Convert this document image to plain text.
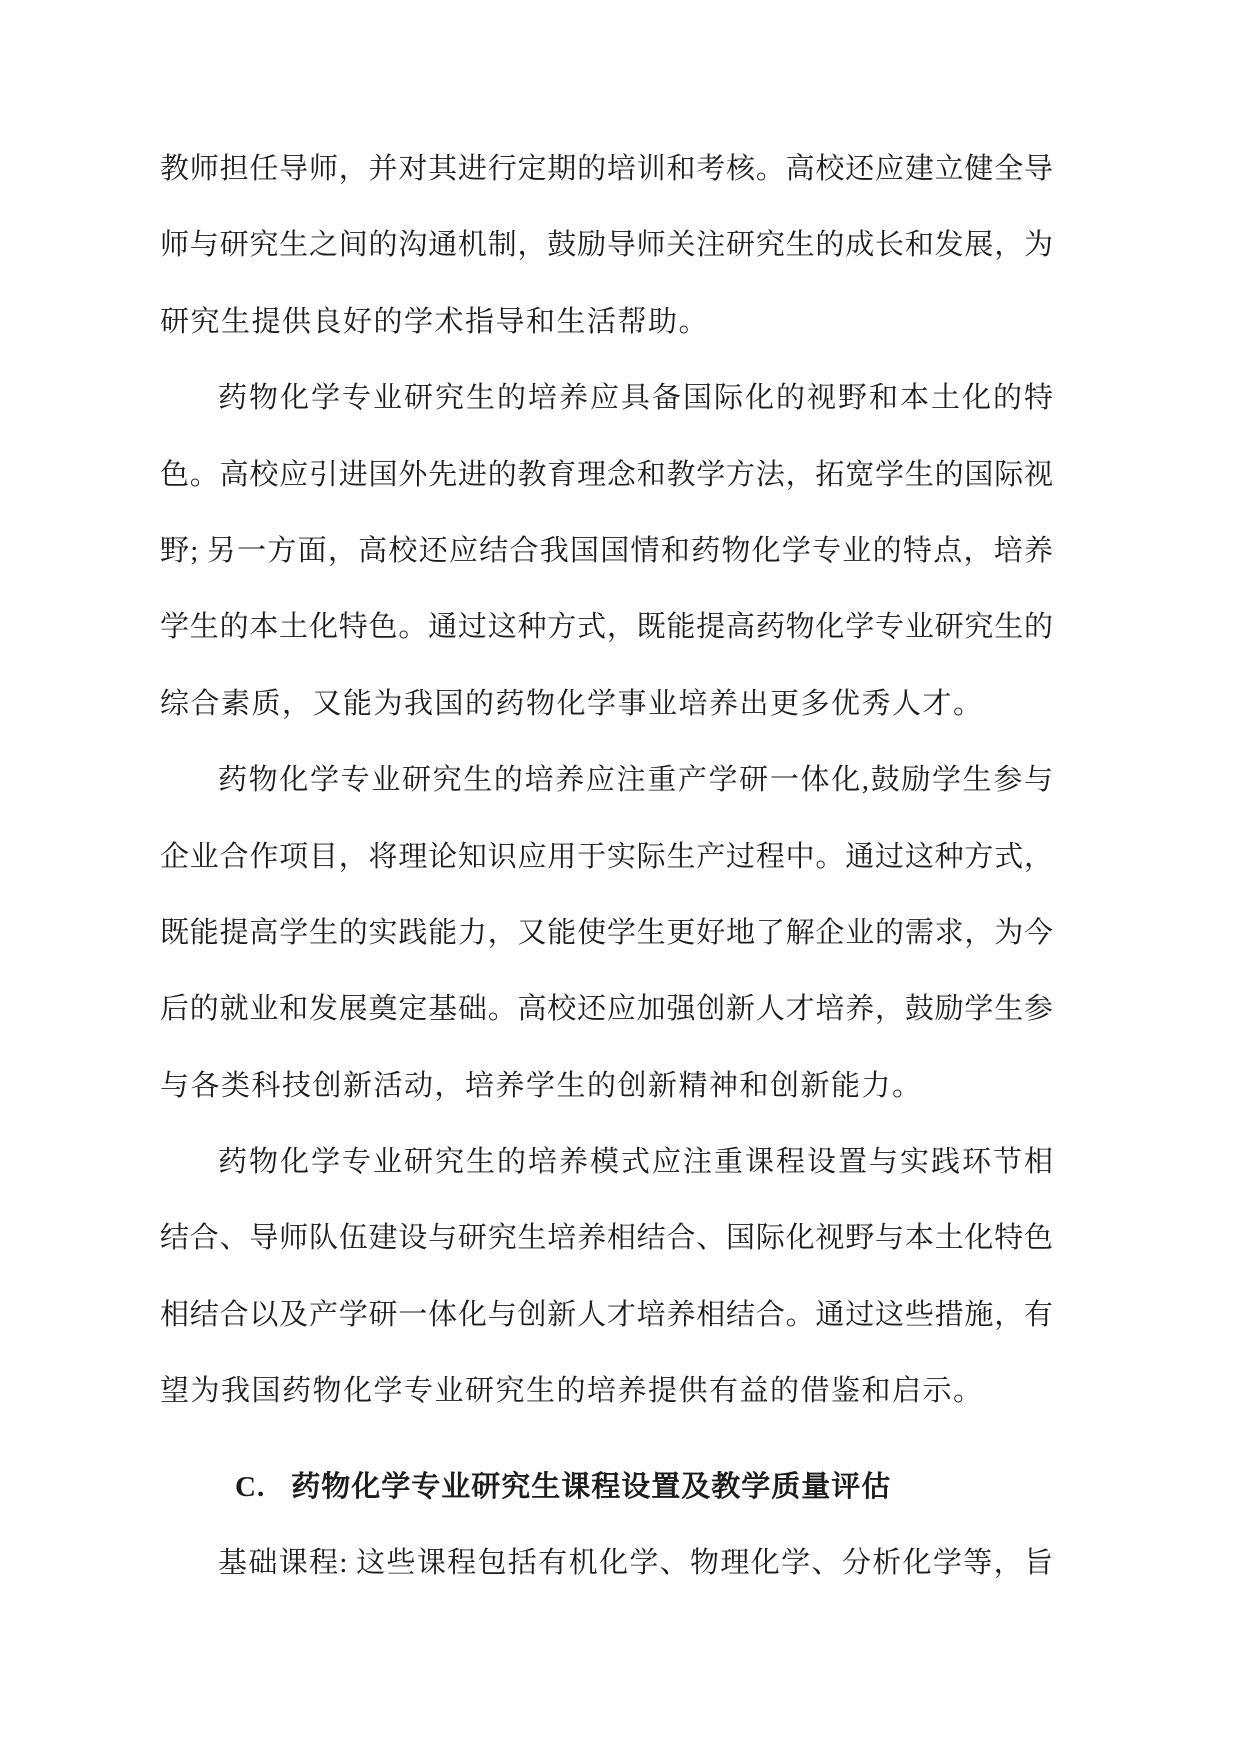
教师担任导师，并对其进行定期的培训和考核。高校还应建立健全导
师与研究生之间的沟通机制，鼓励导师关注研究生的成长和发展，为
研究生提供良好的学术指导和生活帮助。
药物化学专业研究生的培养应具备国际化的视野和本土化的特
色。高校应引进国外先进的教育理念和教学方法，拓宽学生的国际视
野; 另一方面，高校还应结合我国国情和药物化学专业的特点，培养
学生的本土化特色。通过这种方式，既能提高药物化学专业研究生的
综合素质，又能为我国的药物化学事业培养出更多优秀人才。
药物化学专业研究生的培养应注重产学研一体化,鼓励学生参与
企业合作项目，将理论知识应用于实际生产过程中。通过这种方式，
既能提高学生的实践能力，又能使学生更好地了解企业的需求，为今
后的就业和发展奠定基础。高校还应加强创新人才培养，鼓励学生参
与各类科技创新活动，培养学生的创新精神和创新能力。
药物化学专业研究生的培养模式应注重课程设置与实践环节相
结合、导师队伍建设与研究生培养相结合、国际化视野与本土化特色
相结合以及产学研一体化与创新人才培养相结合。通过这些措施，有
望为我国药物化学专业研究生的培养提供有益的借鉴和启示。
C. 药物化学专业研究生课程设置及教学质量评估
基础课程: 这些课程包括有机化学、物理化学、分析化学等，旨
